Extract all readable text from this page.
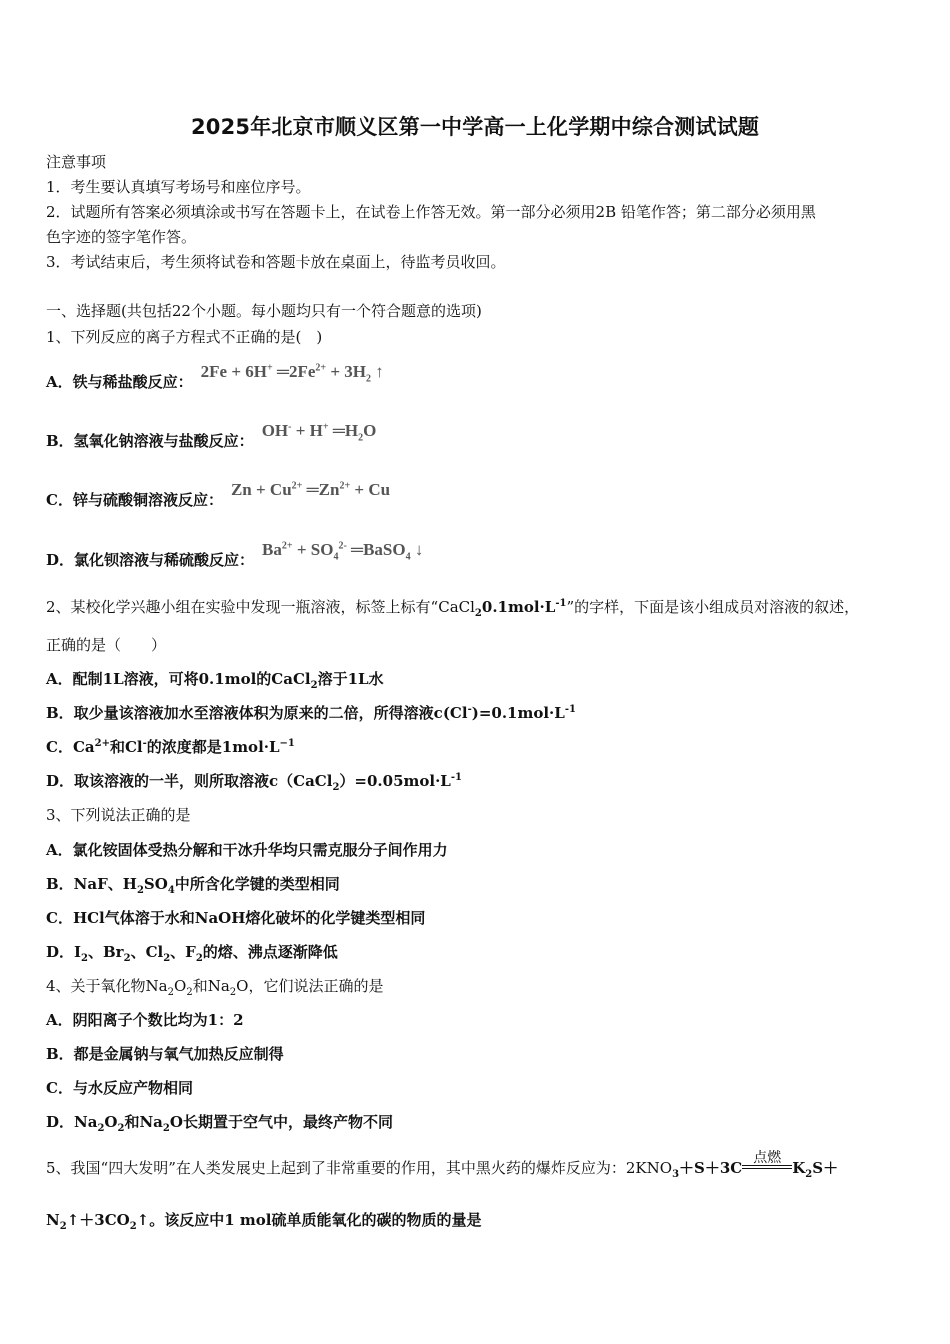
2025年北京市顺义区第一中学高一上化学期中综合测试试题
注意事项
1．考生要认真填写考场号和座位序号。
2．试题所有答案必须填涂或书写在答题卡上，在试卷上作答无效。第一部分必须用2B 铅笔作答；第二部分必须用黑
色字迹的签字笔作答。
3．考试结束后，考生须将试卷和答题卡放在桌面上，待监考员收回。
一、选择题(共包括22个小题。每小题均只有一个符合题意的选项)
1、下列反应的离子方程式不正确的是(　)
A．铁与稀盐酸反应：
2Fe + 6H+ $═2Fe^{2+} + 3H_2$ ↑
B．氢氧化钠溶液与盐酸反应：
OH- + H+ $═H_2O$
C．锌与硫酸铜溶液反应：
$Zn + Cu^{2+}$ $═Zn^{2+} + Cu$
D．氯化钡溶液与稀硫酸反应：
$Ba^{2+} + SO_4^{2-}$ ═BaSO$_4$ ↓
2、某校化学兴趣小组在实验中发现一瓶溶液，标签上标有“$CaCl_20.1mol\cdot L^{-1}$”的字样，下面是该小组成员对溶液的叙述，
正确的是（　　）
A．配制1L溶液，可将0.1mol的CaCl$_2$溶于1L水
B．取少量该溶液加水至溶液体积为原来的二倍，所得溶液$c(Cl^-)=0.1mol\cdot L^{-1}$
C．$Ca^{2+}$和Cl-的浓度都是$1mol\cdot L^{-1}$
D．取该溶液的一半，则所取溶液$c(CaCl_2)=0.05mol\cdot L^{-1}$
3、下列说法正确的是
A．氯化铵固体受热分解和干冰升华均只需克服分子间作用力
B．NaF、$H_2SO_4$中所含化学键的类型相同
C．HCl气体溶于水和NaOH熔化破坏的化学键类型相同
D．$I_2$、$Br_2$、$Cl_2$、$F_2$的熔、沸点逐渐降低
4、关于氧化物$Na_2O_2$和$Na_2O$，它们说法正确的是
A．阴阳离子个数比均为1：2
B．都是金属钠与氧气加热反应制得
C．与水反应产物相同
D．$Na_2O_2$和$Na_2O$长期置于空气中，最终产物不同
5、我国“四大发明”在人类发展史上起到了非常重要的作用，其中黑火药的爆炸反应为：$2KNO_3+S+3C$
点燃
$K_2S+$
$N_2↑+3CO_2↑$。该反应中1 mol硫单质能氧化的碳的物质的量是
